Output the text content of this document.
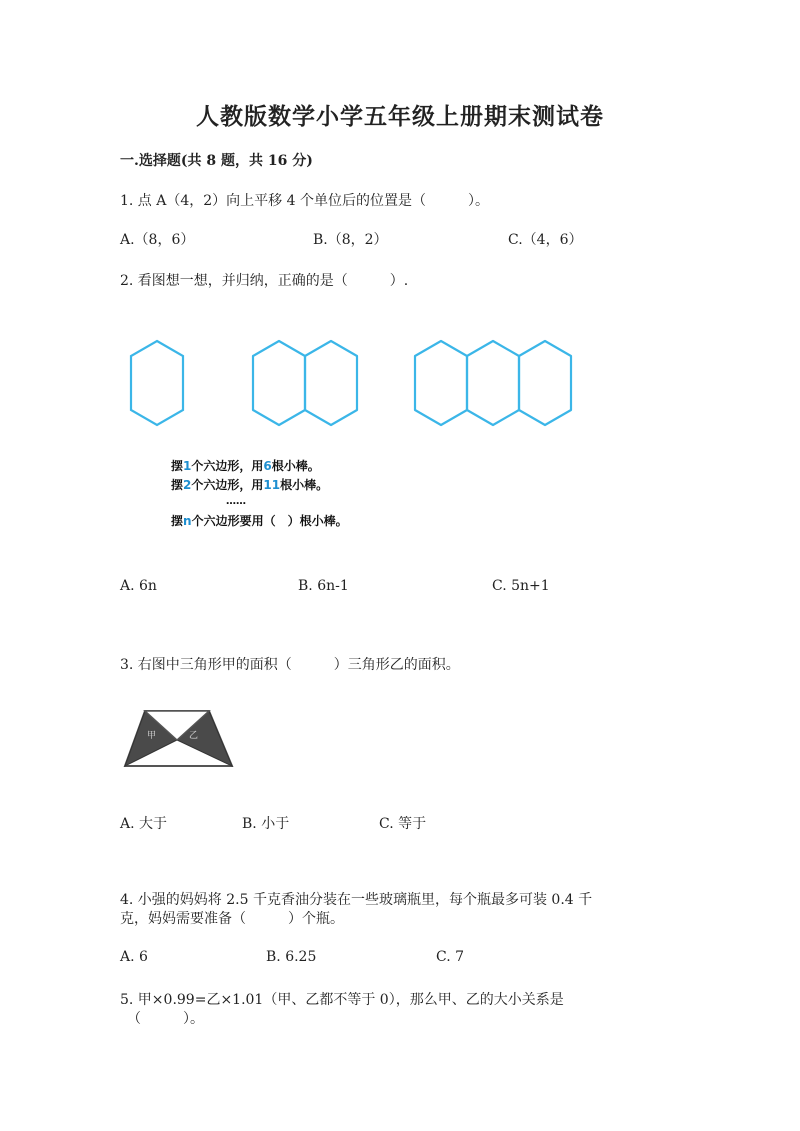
人教版数学小学五年级上册期末测试卷
一.选择题(共 8 题，共 16 分)
1. 点 A（4，2）向上平移 4 个单位后的位置是（　　　）。
A.（8，6）	B.（8，2）	C.（4，6）
2. 看图想一想，并归纳，正确的是（　　　）.
摆1个六边形，用6根小棒。
摆2个六边形，用11根小棒。
……
摆n个六边形要用（　）根小棒。
A. 6n	B. 6n-1	C. 5n+1
3. 右图中三角形甲的面积（　　　）三角形乙的面积。
甲	乙
A. 大于	B. 小于	C. 等于
4. 小强的妈妈将 2.5 千克香油分装在一些玻璃瓶里，每个瓶最多可装 0.4 千
克，妈妈需要准备（　　　）个瓶。
A. 6	B. 6.25	C. 7
5. 甲×0.99=乙×1.01（甲、乙都不等于 0），那么甲、乙的大小关系是
（　　　）。
